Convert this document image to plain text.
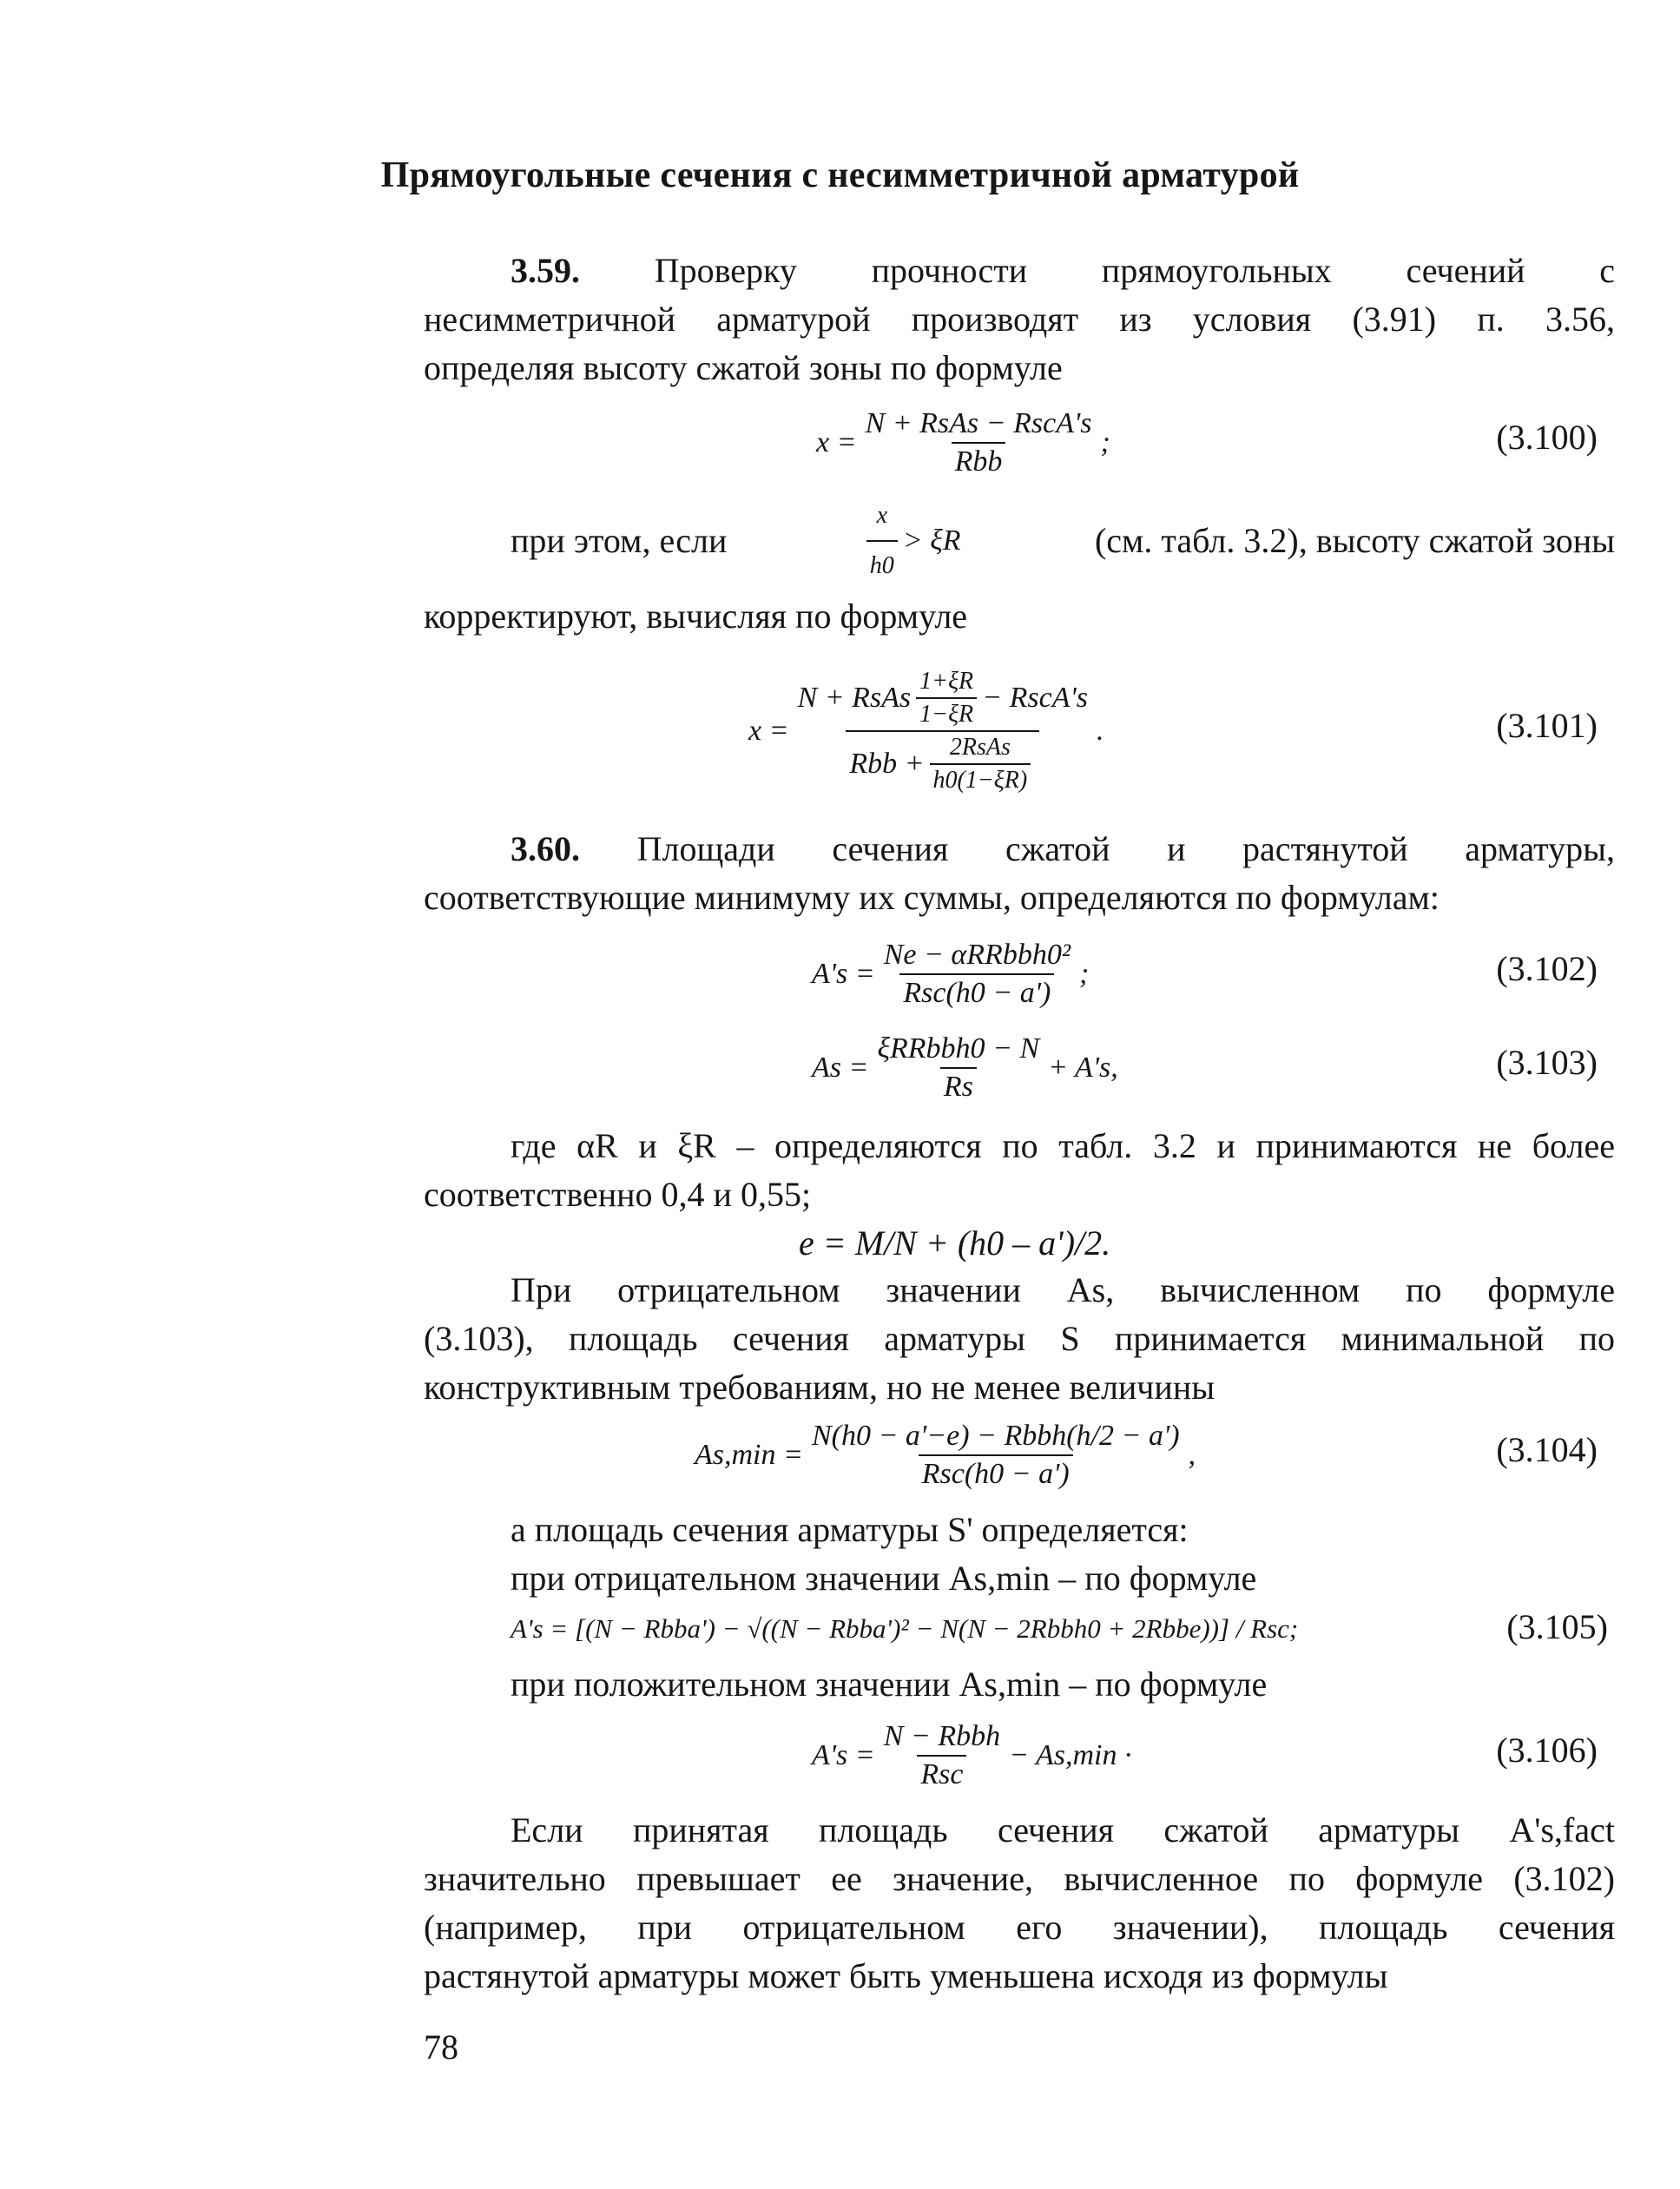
Прямоугольные сечения с несимметричной арматурой
3.59. Проверку прочности прямоугольных сечений с
несимметричной арматурой производят из условия (3.91) п. 3.56,
определяя высоту сжатой зоны по формуле
$x = \frac{\text{N + RsAs − RscA's}}{\text{Rbb}}$ ;	(3.100)
при этом, если	$\frac{x}{h0} > \xi R$	(см. табл. 3.2), высоту сжатой зоны
корректируют, вычисляя по формуле
x =
N + RsAs $\frac{1+\xi R}{1-\xi R}$ − RscA's
Rbb + $\frac{\text{2RsAs}}{h0(1-\xi R)}$
.	(3.101)
3.60. Площади сечения сжатой и растянутой арматуры,
соответствующие минимуму их суммы, определяются по формулам:
$A's = \frac{\text{Ne − αRRbbh0²}}{\text{Rsc(h0 − a')}}$ ;	(3.102)
$As = \frac{\text{ξRRbbh0 − N}}{Rs} + A's$,	(3.103)
где αR и ξR – определяются по табл. 3.2 и принимаются не более
соответственно 0,4 и 0,55;
e = M/N + (h0 – a')/2.
При отрицательном значении As, вычисленном по формуле
(3.103), площадь сечения арматуры S принимается минимальной по
конструктивным требованиям, но не менее величины
$As,\min = \frac{\text{N(h0 − a'−e) − Rbbh(h/2 − a')}}{\text{Rsc(h0 − a')}}$ ,	(3.104)
а площадь сечения арматуры S' определяется:
при отрицательном значении As,min – по формуле
A's = [(N − Rbba') − √((N − Rbba')² − N(N − 2Rbbh0 + 2Rbbe))] / Rsc;	(3.105)
при положительном значении As,min – по формуле
$A's = \frac{\text{N − Rbbh}}{\text{Rsc}} - As,\min$ ·	(3.106)
Если принятая площадь сечения сжатой арматуры A's,fact
значительно превышает ее значение, вычисленное по формуле (3.102)
(например, при отрицательном его значении), площадь сечения
растянутой арматуры может быть уменьшена исходя из формулы
78
